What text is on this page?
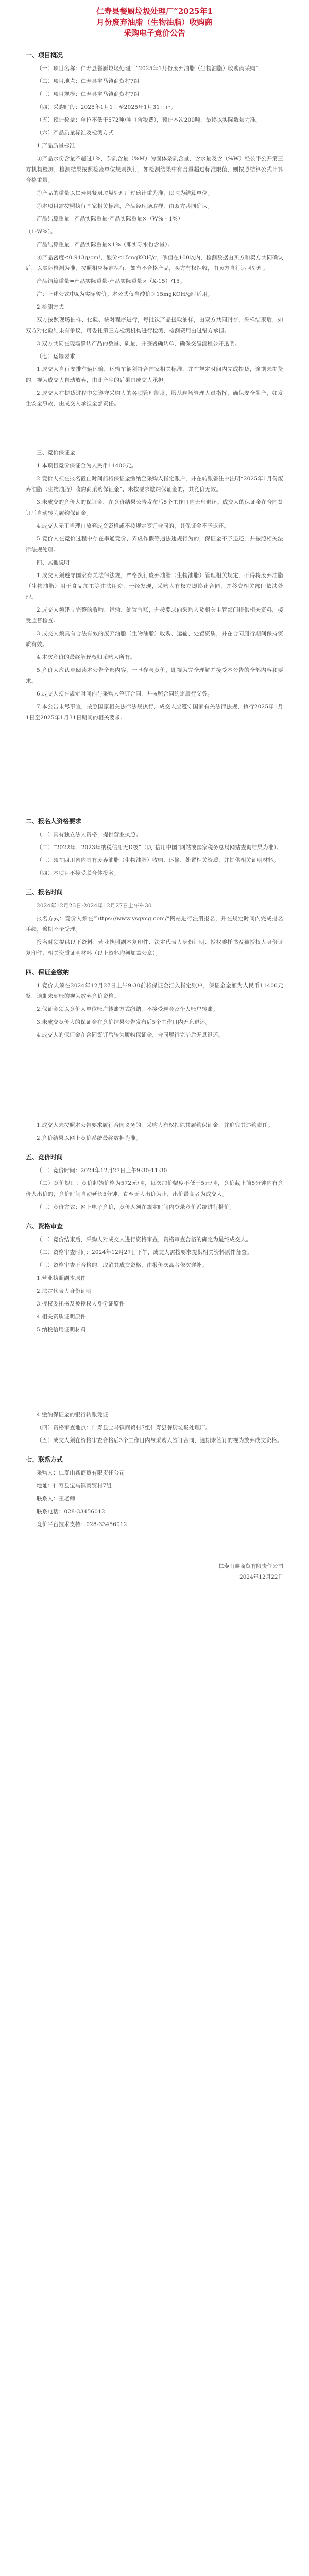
仁寿县餐厨垃圾处理厂“2025年1月份废弃油脂（生物油脂）收购商采购电子竞价公告
一、项目概况
（一）项目名称：仁寿县餐厨垃圾处理厂“2025年1月份废弃油脂（生物油脂）收购商采购”
（二）项目地点：仁寿县宝马镇商贸村7组
（三）项目规模：仁寿县宝马镇商贸村7组
（四）采购时段：2025年1月1日至2025年1月31日止。
（五）预计数量：单位不低于572吨/吨（含税费），预计本次200吨，最终以实际数量为准。
（六）产品质量标准及检测方式
1.产品质量标准
①产品水份含量不超过1%，杂质含量（%M）为固体杂质含量，含水量及含（%W）经公平公开第三方机构检测，检测结果按照检验单位规则执行，如检测结果中有含量超过标准限值，则按照结算公式计算合格重量。
②产品的重量以仁寿县餐厨垃圾处理厂过磅计重为准，以吨为结算单位。
③本项目需按照执行国家相关标准，产品经现场取样，由双方共同确认。
产品结算重量=产品实际重量-产品实际重量×（W% - 1%）
（1-W%）。
产品结算重量=产品实际重量×1%（即实际水份含量）。
④产品密度≤0.913g/cm³，酸价≤15mgKOH/g，碘值在100以内，检测数据由买方和卖方共同确认后，以实际检测为准，按照相应标准执行，如有不合格产品，买方有权拒收，由卖方自行运回处理。
产品结算重量=产品实际重量-产品实际重量×（X-15）/15。
注：上述公式中X为实际酸价。本公式仅当酸价＞15mgKOH/g时适用。
2.检测方式
双方按照现场抽样、化验、核对程序进行，每批次产品提取油样，由双方共同封存，采样结束后，如双方对化验结果有争议，可委托第三方检测机构进行检测，检测费用由过错方承担。
3.双方共同在现场确认产品的数量、质量，并签署确认单，确保交易流程公开透明。
（七）运输要求
1.成交人自行安排车辆运输，运输车辆须符合国家相关标准，并在规定时间内完成提货，逾期未提货的，视为成交人自动放弃，由此产生的后果由成交人承担。
2.成交人在提货过程中须遵守采购人的各项管理制度，服从现场管理人员指挥，确保安全生产，如发生安全事故，由成交人承担全部责任。
三、竞价保证金
1.本项目竞价保证金为人民币11400元。
2.竞价人须在报名截止时间前将保证金缴纳至采购人指定账户，并在转账备注中注明“2025年1月份废弃油脂（生物油脂）收购商采购保证金”，未按要求缴纳保证金的，其竞价无效。
3.未成交的竞价人的保证金，在竞价结果公告发布后5个工作日内无息退还。成交人的保证金在合同签订后自动转为履约保证金。
4.成交人无正当理由放弃成交资格或不按规定签订合同的，其保证金不予退还。
5.竞价人在竞价过程中存在串通竞价、弄虚作假等违法违规行为的，保证金不予退还，并按照相关法律法规处理。
四、其他说明
1.成交人须遵守国家有关法律法规，严格执行废弃油脂（生物油脂）管理相关规定，不得将废弃油脂（生物油脂）用于食品加工等违法用途，一经发现，采购人有权立即终止合同，并移交相关部门依法处理。
2.成交人须建立完整的收购、运输、处置台账，并按要求向采购人及相关主管部门提供相关资料，接受监督检查。
3.成交人须具有合法有效的废弃油脂（生物油脂）收购、运输、处置资质，并在合同履行期间保持资质有效。
4.本次竞价的最终解释权归采购人所有。
5.竞价人应认真阅读本公告全部内容，一旦参与竞价，即视为完全理解并接受本公告的全部内容和要求。
6.成交人须在规定时间内与采购人签订合同，并按照合同约定履行义务。
7.本公告未尽事宜，按照国家相关法律法规执行，成交人应遵守国家有关法律法规，执行2025年1月1日至2025年1月31日期间的相关要求。
二、报名人资格要求
（一）具有独立法人资格，提供营业执照。
（二）“2022年、2023年纳税信用无D级”（以“信用中国”网站或国家税务总局网站查询结果为准）。
（三）须在四川省内具有废弃油脂（生物油脂）收购、运输、处置相关资质，并提供相关证明材料。
（四）本项目不接受联合体报名。
三、报名时间
2024年12月23日-2024年12月27日上午9:30
报名方式：竞价人须在“https://www.ysgycg.com/”网站进行注册报名，并在规定时间内完成报名手续，逾期不予受理。
报名时须提供以下资料：营业执照副本复印件、法定代表人身份证明、授权委托书及被授权人身份证复印件、相关资质证明材料（以上资料均须加盖公章）。
四、保证金缴纳
1.竞价人须在2024年12月27日上午9:30前将保证金汇入指定账户，保证金金额为人民币11400元整，逾期未到账的视为放弃竞价资格。
2.保证金须以竞价人单位账户转账方式缴纳，不接受现金及个人账户转账。
3.未成交竞价人的保证金在竞价结果公告发布后5个工作日内无息退还。
4.成交人的保证金在合同签订后转为履约保证金，合同履行完毕后无息退还。
1.成交人未按照本公告要求履行合同义务的，采购人有权扣除其履约保证金，并追究其违约责任。
2.竞价结果以网上竞价系统最终数据为准。
五、竞价时间
（一）竞价时间：2024年12月27日上午9:30-11:30
（二）竞价规则：竞价起始价格为572元/吨，每次加价幅度不低于5元/吨，竞价截止前5分钟内有竞价人出价的，竞价时间自动延长5分钟，直至无人出价为止，出价最高者为成交人。
（三）竞价方式：网上电子竞价，竞价人须在规定时间内登录竞价系统进行报价。
六、资格审查
（一）竞价结束后，采购人对成交人进行资格审查，资格审查合格的确定为最终成交人。
（二）资格审查时间：2024年12月27日下午，成交人需按要求提供相关资料原件备查。
（三）资格审查不合格的，取消其成交资格，由报价次高者依次递补。
1.营业执照副本原件
2.法定代表人身份证明
3.授权委托书及被授权人身份证原件
4.相关资质证明原件
5.纳税信用证明材料
4.缴纳保证金的银行转账凭证
（四）资格审查地点：仁寿县宝马镇商贸村7组仁寿县餐厨垃圾处理厂。
（五）成交人须在资格审查合格后3个工作日内与采购人签订合同，逾期未签订的视为放弃成交资格。
七、联系方式
采购人：仁寿山鑫商贸有限责任公司
地址：仁寿县宝马镇商贸村7组
联系人：王老师
联系电话：028-33456012
竞价平台技术支持：028-33456012
仁寿山鑫商贸有限责任公司
2024年12月22日
